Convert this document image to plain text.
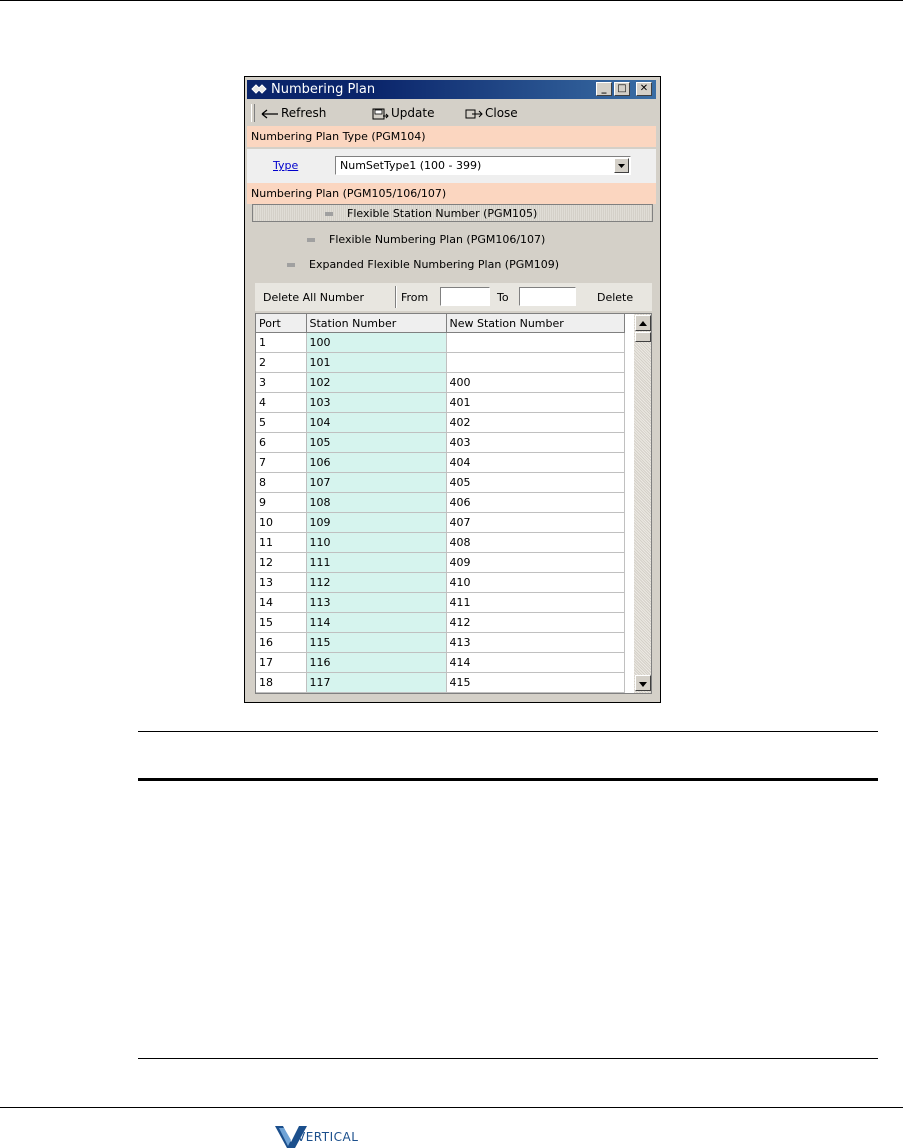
Numbering Plan	_	□	✕
Refresh	Update	Close
Numbering Plan Type (PGM104)
Type	NumSetType1 (100 - 399)
Numbering Plan (PGM105/106/107)
Flexible Station Number (PGM105)
Flexible Numbering Plan (PGM106/107)
Expanded Flexible Numbering Plan (PGM109)
Delete All Number	From	To	Delete
Port	Station Number	New Station Number
1	100	
2	101	
3	102	400
4	103	401
5	104	402
6	105	403
7	106	404
8	107	405
9	108	406
10	109	407
11	110	408
12	111	409
13	112	410
14	113	411
15	114	412
16	115	413
17	116	414
18	117	415
VERTICAL
